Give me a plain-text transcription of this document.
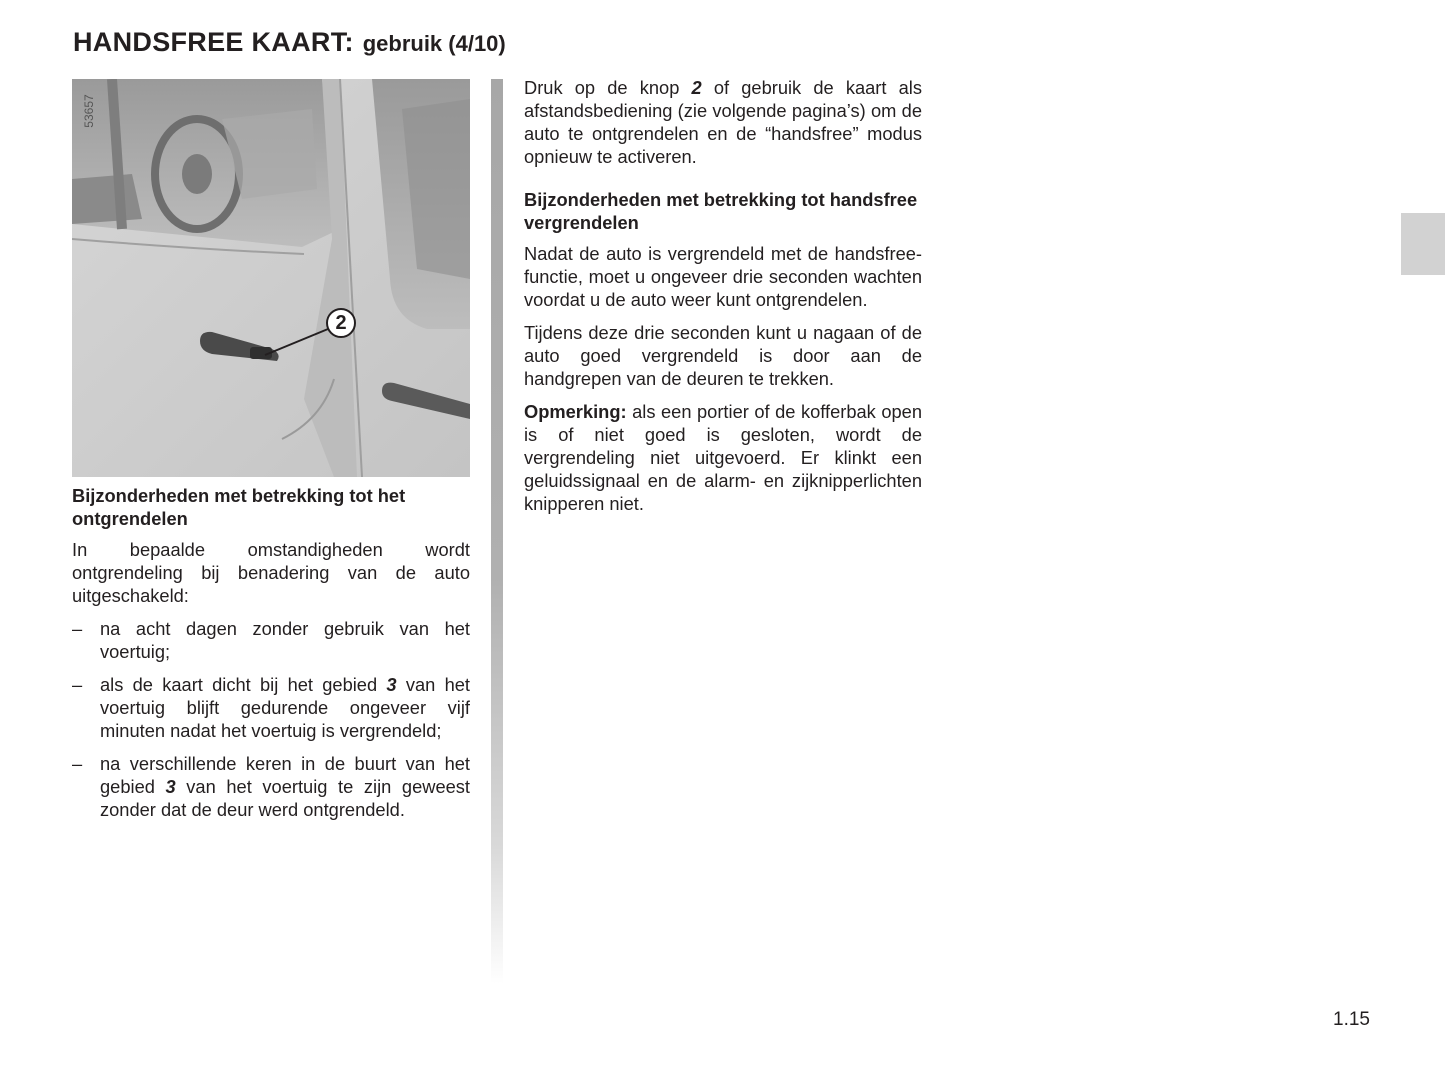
HANDSFREE KAART: gebruik (4/10)
53657
2

Bijzonderheden met betrekking tot het ontgrendelen

In bepaalde omstandigheden wordt ontgrendeling bij benadering van de auto uitgeschakeld:

– na acht dagen zonder gebruik van het voertuig;
– als de kaart dicht bij het gebied 3 van het voertuig blijft gedurende ongeveer vijf minuten nadat het voertuig is vergrendeld;
– na verschillende keren in de buurt van het gebied 3 van het voertuig te zijn geweest zonder dat de deur werd ontgrendeld.

Druk op de knop 2 of gebruik de kaart als afstandsbediening (zie volgende pagina’s) om de auto te ontgrendelen en de “handsfree” modus opnieuw te activeren.

Bijzonderheden met betrekking tot handsfree vergrendelen

Nadat de auto is vergrendeld met de handsfree-functie, moet u ongeveer drie seconden wachten voordat u de auto weer kunt ontgrendelen.

Tijdens deze drie seconden kunt u nagaan of de auto goed vergrendeld is door aan de handgrepen van de deuren te trekken.

Opmerking: als een portier of de kofferbak open is of niet goed is gesloten, wordt de vergrendeling niet uitgevoerd. Er klinkt een geluidssignaal en de alarm- en zijknipperlichten knipperen niet.

1.15
